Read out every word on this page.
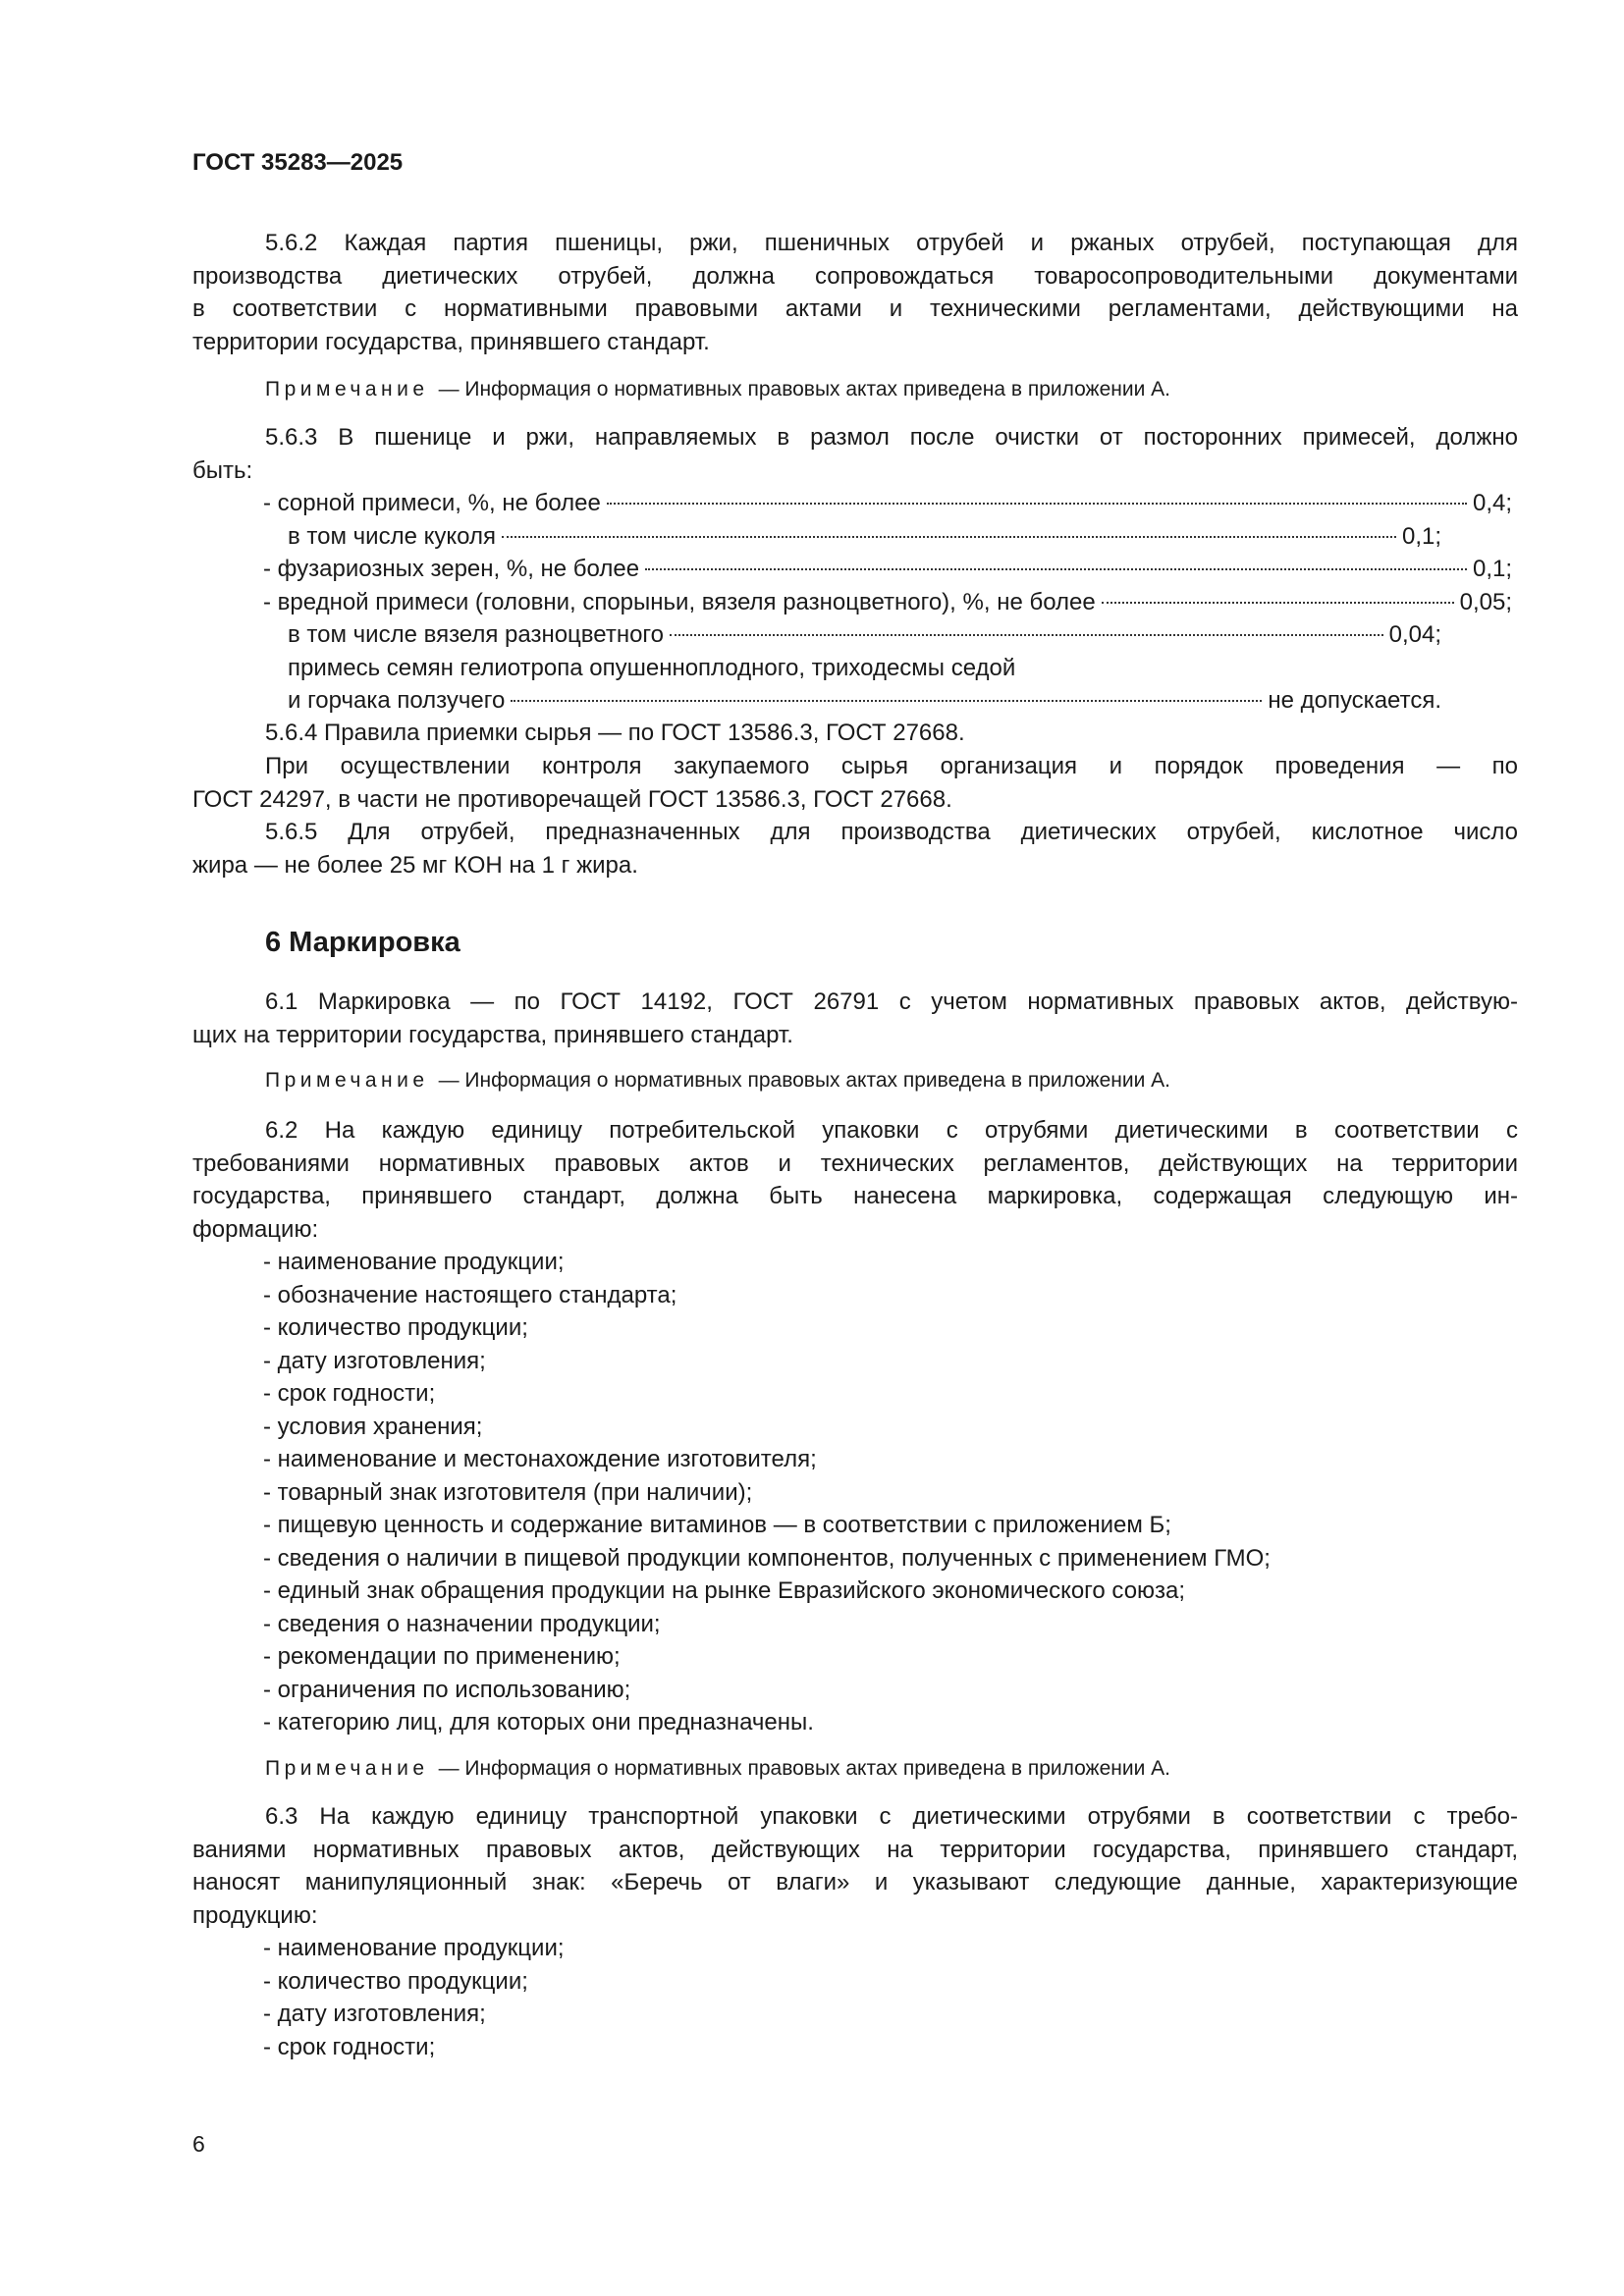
ГОСТ 35283—2025
5.6.2 Каждая партия пшеницы, ржи, пшеничных отрубей и ржаных отрубей, поступающая для
производства диетических отрубей, должна сопровождаться товаросопроводительными документами
в соответствии с нормативными правовыми актами и техническими регламентами, действующими на
территории государства, принявшего стандарт.
Примечание — Информация о нормативных правовых актах приведена в приложении А.
5.6.3 В пшенице и ржи, направляемых в размол после очистки от посторонних примесей, должно
быть:
- сорной примеси, %, не более	0,4;
в том числе куколя	0,1;
- фузариозных зерен, %, не более	0,1;
- вредной примеси (головни, спорыньи, вязеля разноцветного), %, не более	0,05;
в том числе вязеля разноцветного	0,04;
примесь семян гелиотропа опушенноплодного, триходесмы седой
и горчака ползучего	не допускается.
5.6.4 Правила приемки сырья — по ГОСТ 13586.3, ГОСТ 27668.
При осуществлении контроля закупаемого сырья организация и порядок проведения — по
ГОСТ 24297, в части не противоречащей ГОСТ 13586.3, ГОСТ 27668.
5.6.5 Для отрубей, предназначенных для производства диетических отрубей, кислотное число
жира — не более 25 мг КОН на 1 г жира.
6 Маркировка
6.1 Маркировка — по ГОСТ 14192, ГОСТ 26791 с учетом нормативных правовых актов, действую-
щих на территории государства, принявшего стандарт.
Примечание — Информация о нормативных правовых актах приведена в приложении А.
6.2 На каждую единицу потребительской упаковки с отрубями диетическими в соответствии с
требованиями нормативных правовых актов и технических регламентов, действующих на территории
государства, принявшего стандарт, должна быть нанесена маркировка, содержащая следующую ин-
формацию:
- наименование продукции;
- обозначение настоящего стандарта;
- количество продукции;
- дату изготовления;
- срок годности;
- условия хранения;
- наименование и местонахождение изготовителя;
- товарный знак изготовителя (при наличии);
- пищевую ценность и содержание витаминов — в соответствии с приложением Б;
- сведения о наличии в пищевой продукции компонентов, полученных с применением ГМО;
- единый знак обращения продукции на рынке Евразийского экономического союза;
- сведения о назначении продукции;
- рекомендации по применению;
- ограничения по использованию;
- категорию лиц, для которых они предназначены.
Примечание — Информация о нормативных правовых актах приведена в приложении А.
6.3 На каждую единицу транспортной упаковки с диетическими отрубями в соответствии с требо-
ваниями нормативных правовых актов, действующих на территории государства, принявшего стандарт,
наносят манипуляционный знак: «Беречь от влаги» и указывают следующие данные, характеризующие
продукцию:
- наименование продукции;
- количество продукции;
- дату изготовления;
- срок годности;
6
